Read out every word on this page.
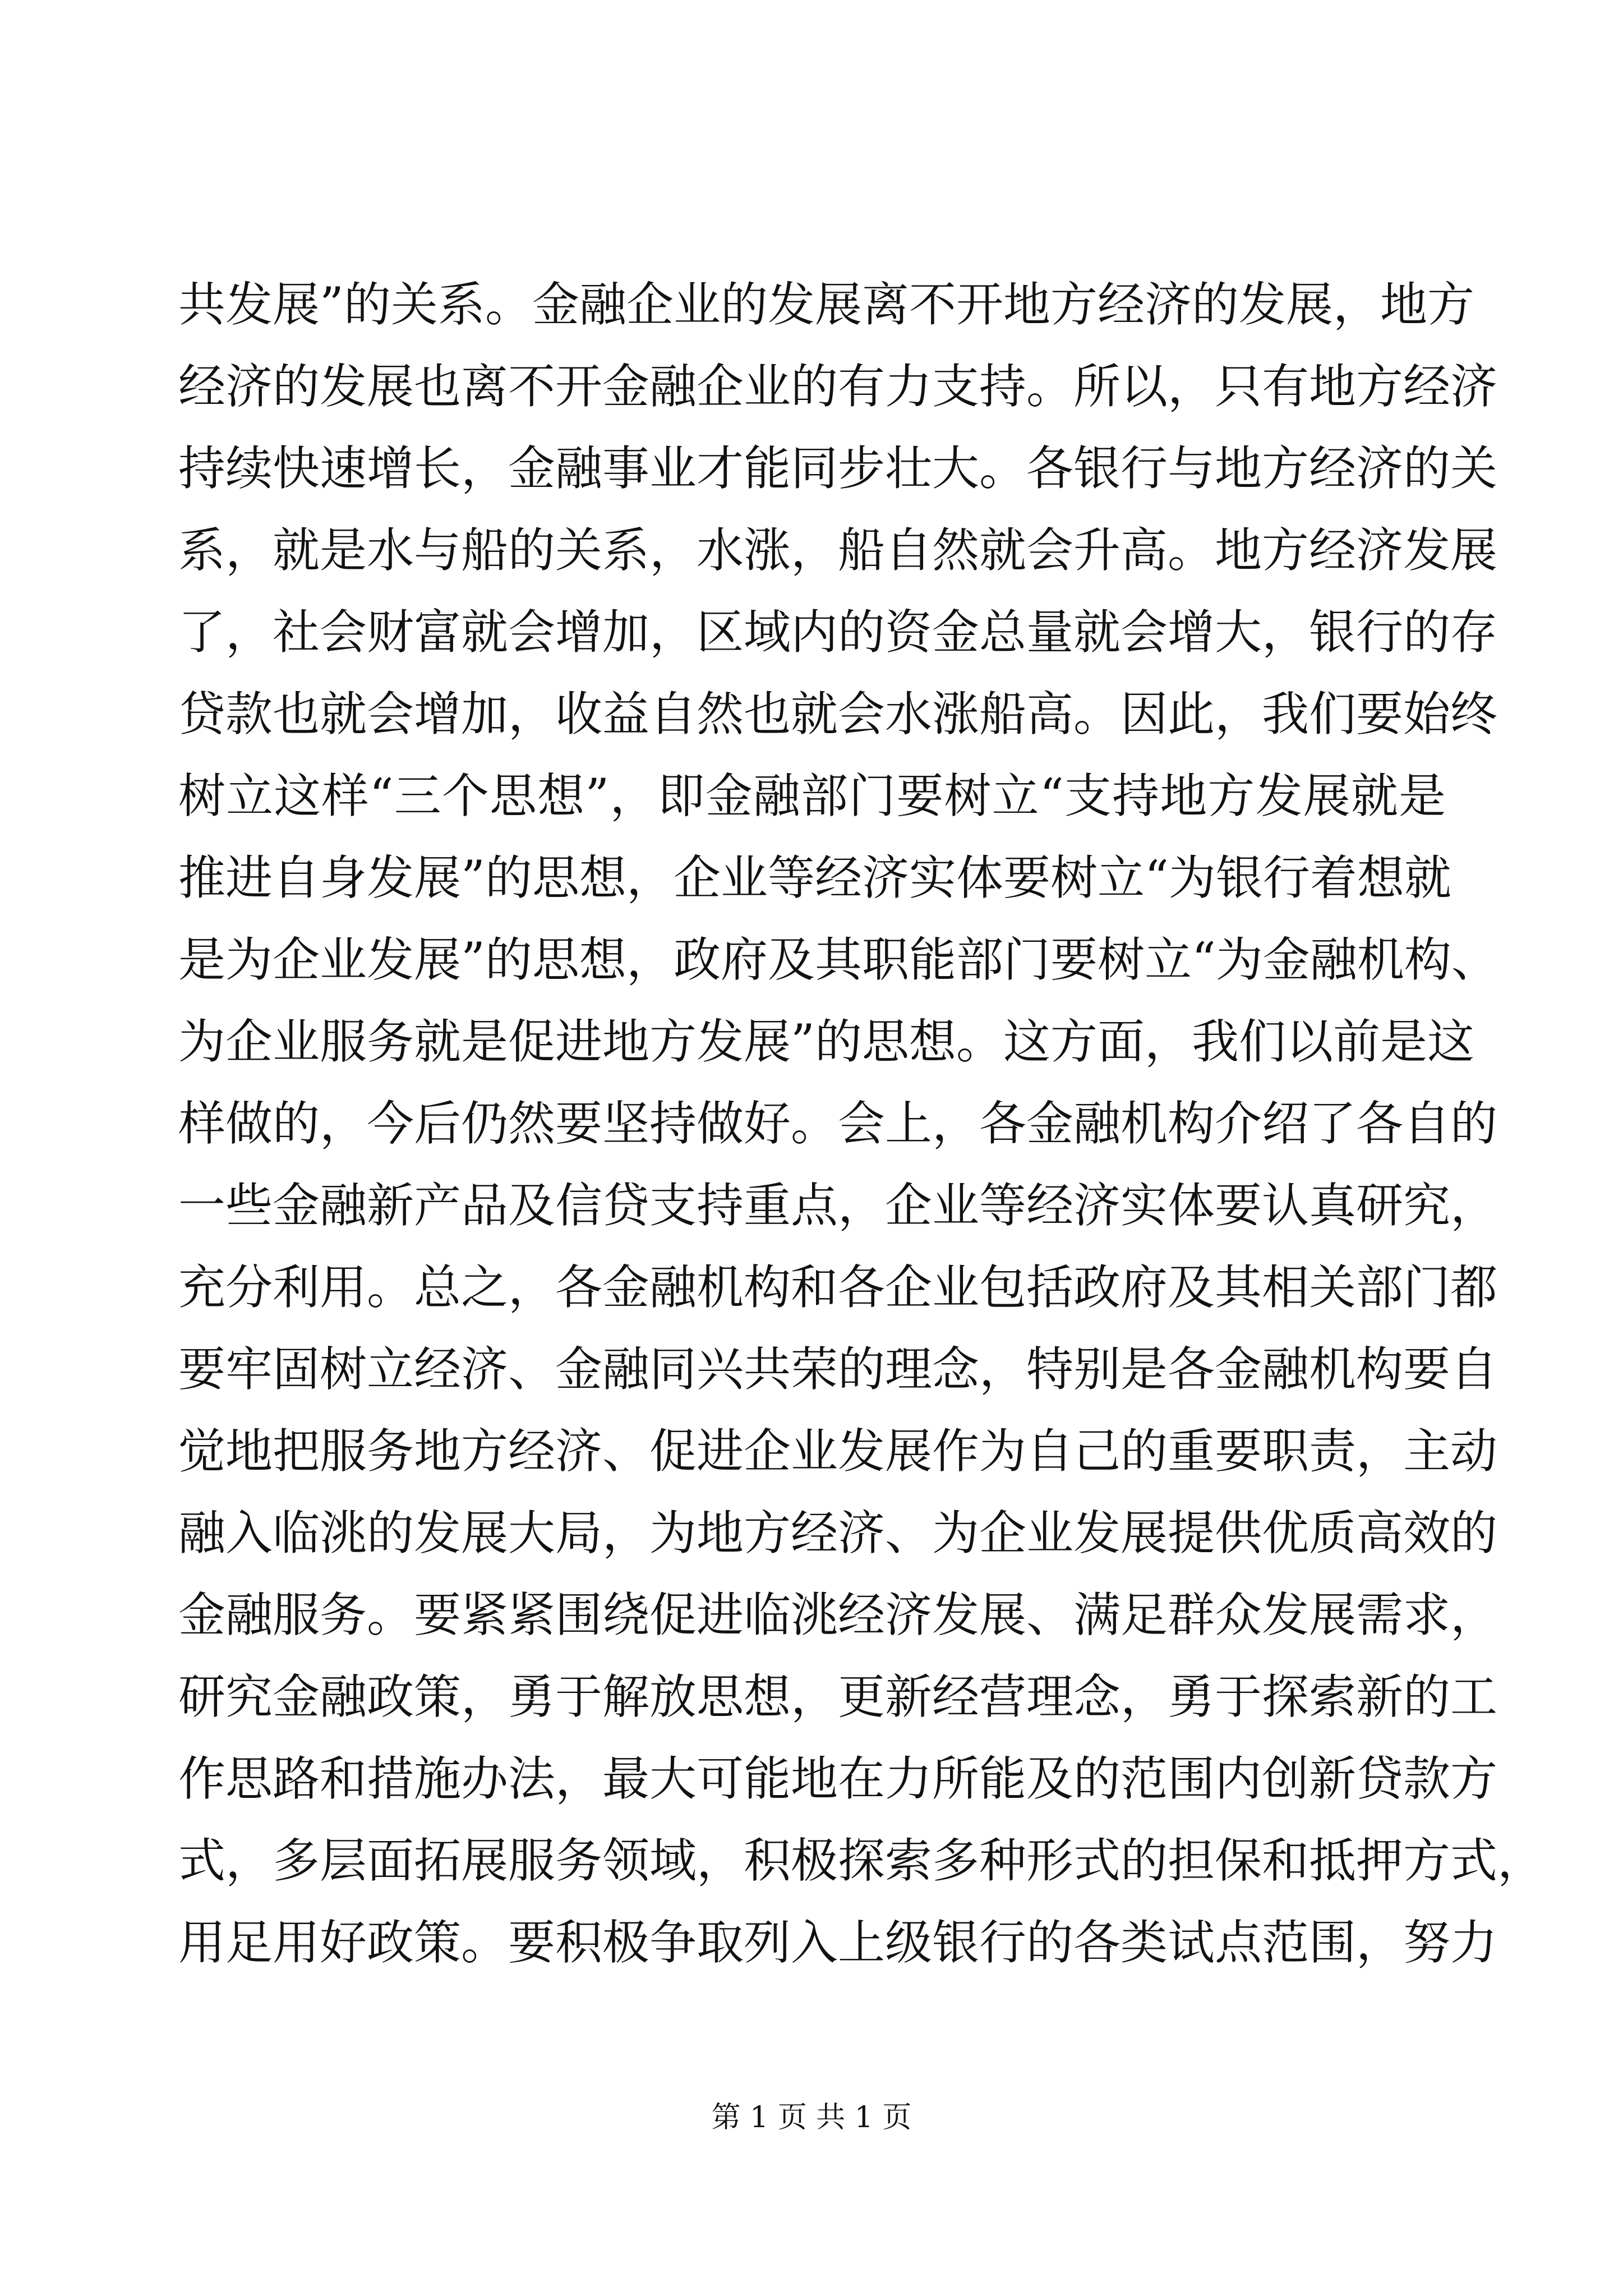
共发展”的关系。金融企业的发展离不开地方经济的发展，地方
经济的发展也离不开金融企业的有力支持。所以，只有地方经济
持续快速增长，金融事业才能同步壮大。各银行与地方经济的关
系，就是水与船的关系，水涨，船自然就会升高。地方经济发展
了，社会财富就会增加，区域内的资金总量就会增大，银行的存
贷款也就会增加，收益自然也就会水涨船高。因此，我们要始终
树立这样“三个思想”，即金融部门要树立“支持地方发展就是
推进自身发展”的思想，企业等经济实体要树立“为银行着想就
是为企业发展”的思想，政府及其职能部门要树立“为金融机构、
为企业服务就是促进地方发展”的思想。这方面，我们以前是这
样做的，今后仍然要坚持做好。会上，各金融机构介绍了各自的
一些金融新产品及信贷支持重点，企业等经济实体要认真研究，
充分利用。总之，各金融机构和各企业包括政府及其相关部门都
要牢固树立经济、金融同兴共荣的理念，特别是各金融机构要自
觉地把服务地方经济、促进企业发展作为自己的重要职责，主动
融入临洮的发展大局，为地方经济、为企业发展提供优质高效的
金融服务。要紧紧围绕促进临洮经济发展、满足群众发展需求，
研究金融政策，勇于解放思想，更新经营理念，勇于探索新的工
作思路和措施办法，最大可能地在力所能及的范围内创新贷款方
式，多层面拓展服务领域，积极探索多种形式的担保和抵押方式，
用足用好政策。要积极争取列入上级银行的各类试点范围，努力
第 1 页 共 1 页
